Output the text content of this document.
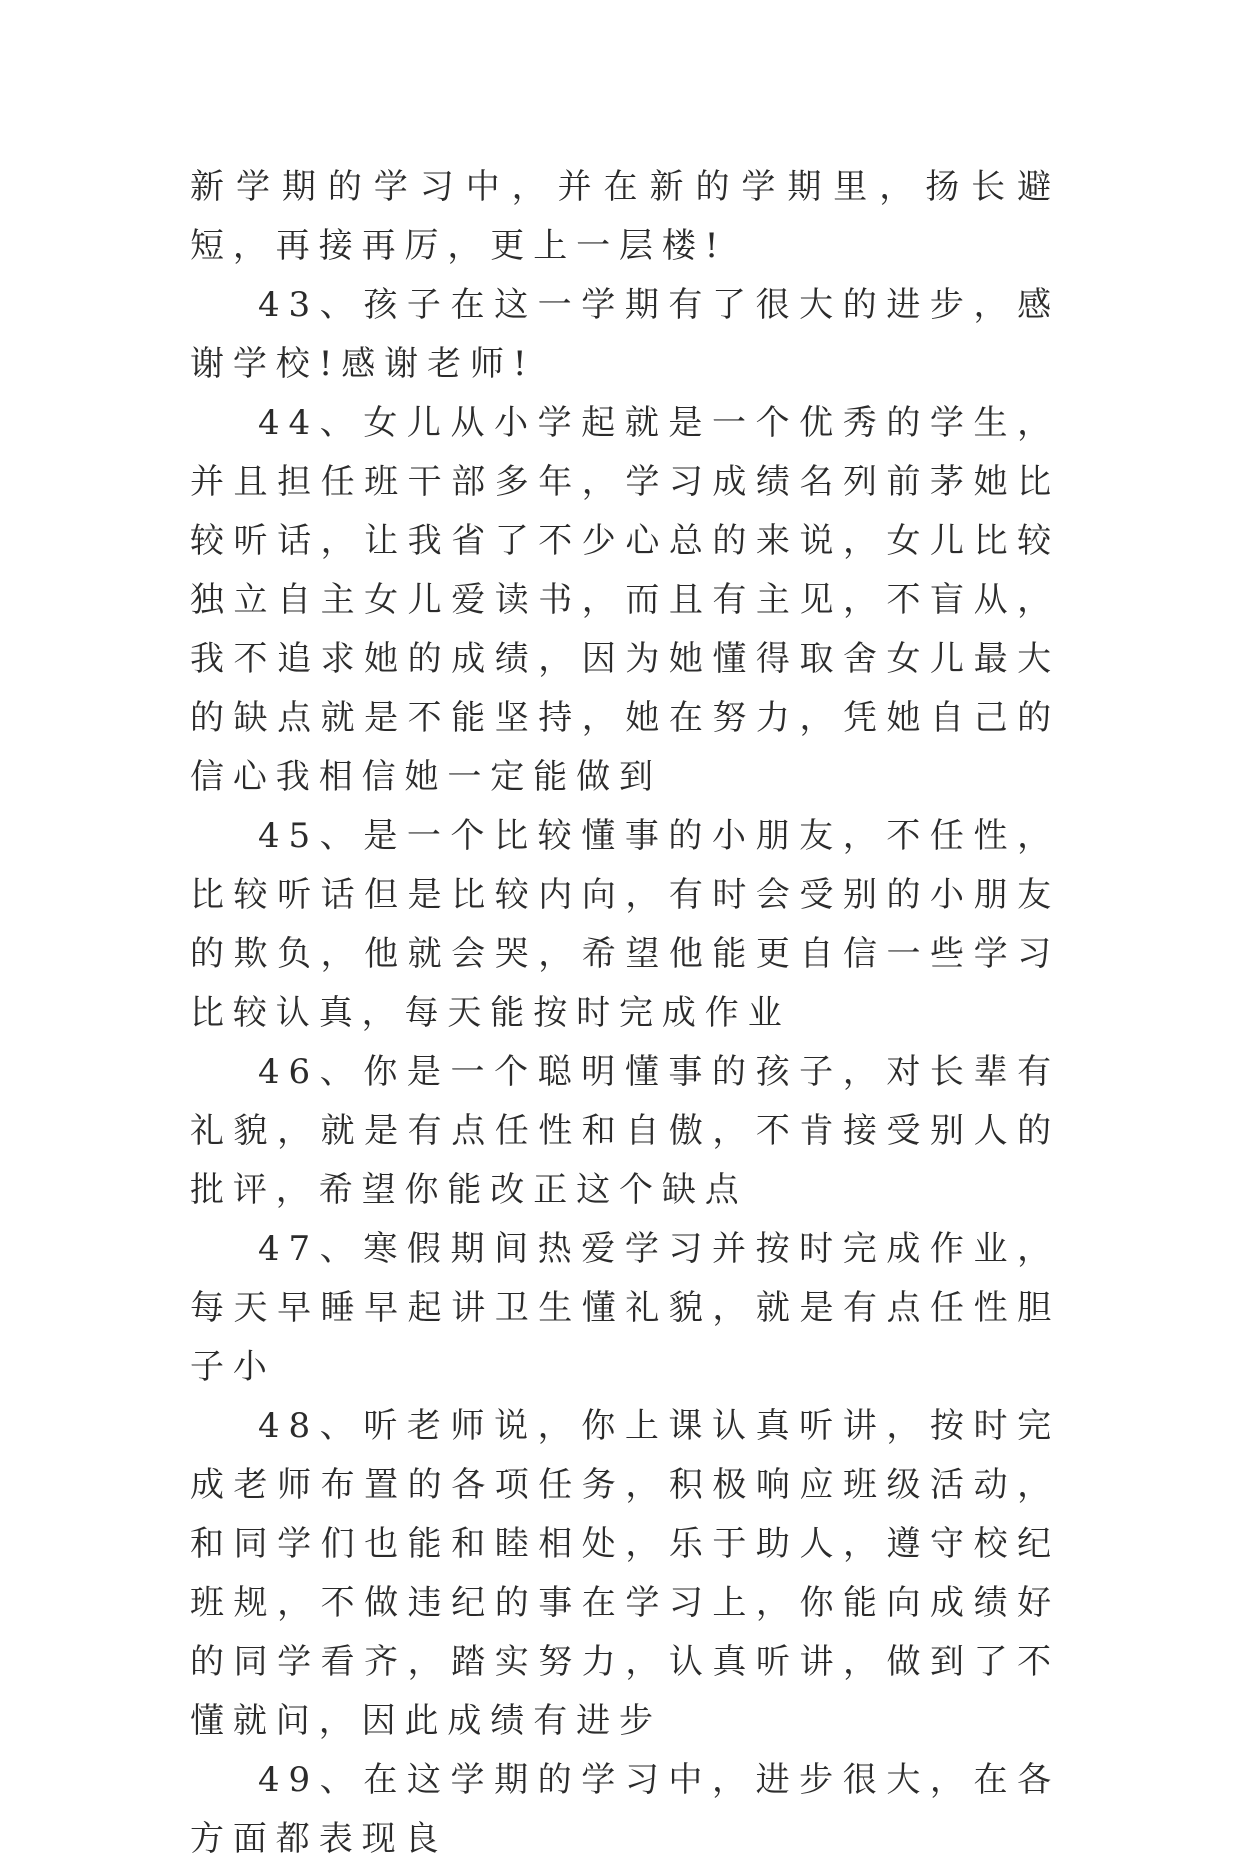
新学期的学习中，并在新的学期里，扬长避短，再接再厉，更上一层楼!

43、孩子在这一学期有了很大的进步，感谢学校!感谢老师!

44、女儿从小学起就是一个优秀的学生，并且担任班干部多年，学习成绩名列前茅她比较听话，让我省了不少心总的来说，女儿比较独立自主女儿爱读书，而且有主见，不盲从，我不追求她的成绩，因为她懂得取舍女儿最大的缺点就是不能坚持，她在努力，凭她自己的信心我相信她一定能做到

45、是一个比较懂事的小朋友，不任性，比较听话但是比较内向，有时会受别的小朋友的欺负，他就会哭，希望他能更自信一些学习比较认真，每天能按时完成作业

46、你是一个聪明懂事的孩子，对长辈有礼貌，就是有点任性和自傲，不肯接受别人的批评，希望你能改正这个缺点

47、寒假期间热爱学习并按时完成作业，每天早睡早起讲卫生懂礼貌，就是有点任性胆子小

48、听老师说，你上课认真听讲，按时完成老师布置的各项任务，积极响应班级活动，和同学们也能和睦相处，乐于助人，遵守校纪班规，不做违纪的事在学习上，你能向成绩好的同学看齐，踏实努力，认真听讲，做到了不懂就问，因此成绩有进步

49、在这学期的学习中，进步很大，在各方面都表现良
